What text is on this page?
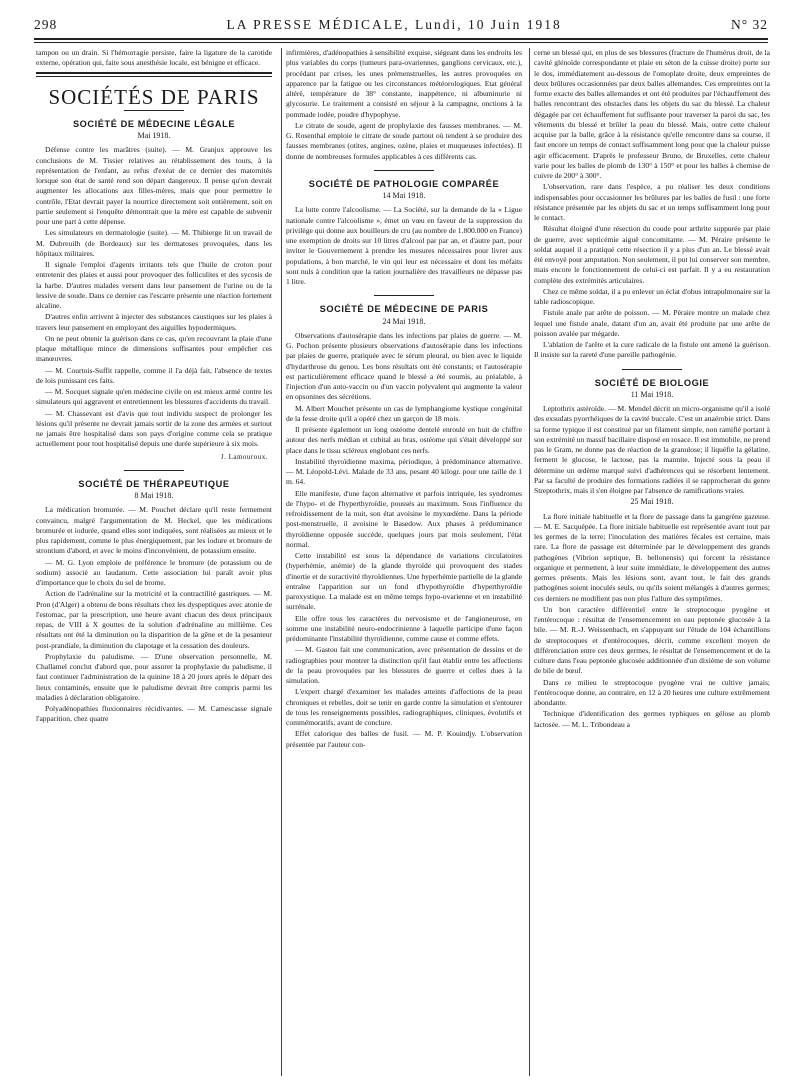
298	LA PRESSE MÉDICALE, Lundi, 10 Juin 1918	N° 32

tampon ou un drain. Si l'hémorragie persiste, faire la ligature de la carotide externe, opération qui, faite sous anesthésie locale, est bénigne et efficace.

SOCIÉTÉS DE PARIS
SOCIÉTÉ DE MÉDECINE LÉGALE
Mai 1918.

Défense contre les marâtres (suite). — M. Granjux approuve les conclusions de M. Tissier relatives au rétablissement des tours, à la représentation de l'enfant, au refus d'exéat de ce dernier des maternités lorsque son état de santé rend son départ dangereux. Il pense qu'on devrait augmenter les allocations aux filles-mères, mais que pour permettre le contrôle, l'Etat devrait payer la nourrice directement soit entièrement, soit en partie seulement si l'enquête démontrait que la mère est capable de subvenir pour une part à cette dépense.

Les simulateurs en dermatologie (suite). — M. Thibierge lit un travail de M. Dubreuilh (de Bordeaux) sur les dermatoses provoquées, dans les hôpitaux militaires.

Il signale l'emploi d'agents irritants tels que l'huile de croton pour entretenir des plaies et aussi pour provoquer des folliculites et des sycosis de la barbe. D'autres malades versent dans leur pansement de l'urine ou de la lessive de soude. Dans ce dernier cas l'escarre présente une réaction fortement alcaline.

D'autres enfin arrivent à injecter des substances caustiques sur les plaies à travers leur pansement en employant des aiguilles hypodermiques.

On ne peut obtenir la guérison dans ce cas, qu'en recouvrant la plaie d'une plaque métallique mince de dimensions suffisantes pour empêcher ces manœuvres.

— M. Courtois-Suffit rappelle, comme il l'a déjà fait, l'absence de textes de lois punissant ces faits.

— M. Socquet signale qu'en médecine civile on est mieux armé contre les simulateurs qui aggravent et entretiennent les blessures d'accidents du travail.

— M. Chassevant est d'avis que tout individu suspect de prolonger les lésions qu'il présente ne devrait jamais sortir de la zone des armées et surtout ne jamais être hospitalisé dans son pays d'origine comme cela se pratique actuellement pour tout hospitalisé depuis une durée supérieure à six mois.

J. Lamouroux.
SOCIÉTÉ DE THÉRAPEUTIQUE
8 Mai 1918.

La médication bromurée. — M. Pouchet déclare qu'il reste fermement convaincu, malgré l'argumentation de M. Heckel, que les médications bromurée et iodurée, quand elles sont indiquées, sont réalisées au mieux et le plus rapidement, comme le plus énergiquement, par les iodure et bromure de strontium d'abord, et avec le moins d'inconvénient, de potassium ensuite.

— M. G. Lyon emploie de préférence le bromure (de potassium ou de sodium) associé au laudanum. Cette association lui paraît avoir plus d'importance que le choix du sel de brome.

Action de l'adrénaline sur la motricité et la contractilité gastriques. — M. Pron (d'Alger) a obtenu de bons résultats chez les dyspeptiques avec atonie de l'estomac, par la prescription, une heure avant chacun des deux principaux repas, de VIII à X gouttes de la solution d'adrénaline au millième. Ces résultats ont été la diminution ou la disparition de la gêne et de la pesanteur post-prandiale, la diminution du clapotage et la cessation des douleurs.

Prophylaxie du paludisme. — D'une observation personnelle, M. Challamel conclut d'abord que, pour assurer la prophylaxie du paludisme, il faut continuer l'administration de la quinine 18 à 20 jours après le départ des lieux contaminés, ensuite que le paludisme devrait être compris parmi les maladies à déclaration obligatoire.

Polyadénopathies fluxionnaires récidivantes. — M. Camescasse signale l'apparition, chez quatre

infirmières, d'adénopathies à sensibilité exquise, siégeant dans les endroits les plus variables du corps (tumeurs para-ovariennes, ganglions cervicaux, etc.), procédant par crises, les unes prémenstruelles, les autres provoquées en apparence par la fatigue ou les circonstances météorologiques. Etat général altéré, température de 38° constante, inappétence, ni albuminurie ni glycosurie. Le traitement a consisté en séjour à la campagne, onctions à la pommade iodée, poudre d'hypophyse.

Le citrate de soude, agent de prophylaxie des fausses membranes. — M. G. Rosenthal emploie le citrate de soude partout où tendent à se produire des fausses membranes (otites, angines, ozène, plaies et muqueuses infectées). Il donne de nombreuses formules applicables à ces différents cas.

SOCIÉTÉ DE PATHOLOGIE COMPARÉE
14 Mai 1918.

La lutte contre l'alcoolisme. — La Société, sur la demande de la « Ligue nationale contre l'alcoolisme », émet un vœu en faveur de la suppression du privilège qui donne aux bouilleurs de cru (au nombre de 1.800.000 en France) une exemption de droits sur 10 litres d'alcool par par an, et d'autre part, pour inviter le Gouvernement à prendre les mesures nécessaires pour livrer aux populations, à bon marché, le vin qui leur est nécessaire et dont les méfaits sont nuls à condition que la ration journalière des travailleurs ne dépasse pas 1 litre.

SOCIÉTÉ DE MÉDECINE DE PARIS
24 Mai 1918.

Observations d'autosérapie dans les infections par plaies de guerre. — M. G. Pochon présente plusieurs observations d'autosérapie dans les infections par plaies de guerre, pratiquée avec le sérum pleural, ou bien avec le liquide d'hydarthrose du genou. Les bons résultats ont été constants; et l'autosérapie est particulièrement efficace quand le blessé a été soumis, au préalable, à l'injection d'un auto-vaccin ou d'un vaccin polyvalent qui augmente la valeur en opsonines des sécrétions.

M. Albert Mouchet présente un cas de lymphangiome kystique congénital de la fesse droite qu'il a opéré chez un garçon de 18 mois.

Il présente également un long ostéome dentelé enroulé en huit de chiffre autour des nerfs médian et cubital au bras, ostéome qui s'était développé sur place dans le tissu scléreux englobant ces nerfs.

Instabilité thyroïdienne maxima, périodique, à prédominance alternative. — M. Léopold-Lévi. Malade de 33 ans, pesant 40 kilogr. pour une taille de 1 m. 64.

Elle manifeste, d'une façon alternative et parfois intriquée, les syndromes de l'hypo- et de l'hyperthyroïdie, poussés au maximum. Sous l'influence du refroidissement de la nuit, son état avoisine le myxœdème. Dans la période post-menstruelle, il avoisine le Basedow. Aux phases à prédominance thyroïdienne opposée succède, quelques jours par mois seulement, l'état normal.

Cette instabilité est sous la dépendance de variations circulatoires (hyperhémie, anémie) de la glande thyroïde qui provoquent des stades d'inertie et de suractivité thyroïdiennes. Une hyperhémie partielle de la glande entraîne l'apparition sur un fond d'hypothyroïdie d'hyperthyroïdie paroxystique. La malade est en même temps hypo-ovarienne et en instabilité surrénale.

Elle offre tous les caractères du nervosisme et de l'angioneurose, en somme une instabilité neuro-endocrinienne à laquelle participe d'une façon prédominante l'instabilité thyroïdienne, comme cause et comme effets.

— M. Gastou fait une communication, avec présentation de dessins et de radiographies pour montrer la distinction qu'il faut établir entre les affections de la peau provoquées par les blessures de guerre et celles dues à la simulation.

L'expert chargé d'examiner les malades atteints d'affections de la peau chroniques et rebelles, doit se tenir en garde contre la simulation et s'entourer de tous les renseignements possibles, radiographiques, cliniques, évolutifs et commémoratifs, avant de conclure.

Effet calorique des balles de fusil. — M. P. Kouindjy. L'observation présentée par l'auteur con-

cerne un blessé qui, en plus de ses blessures (fracture de l'humérus droit, de la cavité glénoïde correspondante et plaie en séton de la cuisse droite) porte sur le dos, immédiatement au-dessous de l'omoplate droite, deux empreintes de deux brûlures occasionnées par deux balles allemandes. Ces empreintes ont la forme exacte des balles allemandes et ont été produites par l'échauffement des balles rencontrant des obstacles dans les objets du sac du blessé. La chaleur dégagée par cet échauffement fut suffisante pour traverser la paroi du sac, les vêtements du blessé et brûler la peau du blessé. Mais, outre cette chaleur acquise par la balle, grâce à la résistance qu'elle rencontre dans sa course, il faut encore un temps de contact suffisamment long pour que la chaleur puisse agir efficacement. D'après le professeur Bruno, de Bruxelles, cette chaleur varie pour les balles de plomb de 130° à 150° et pour les balles à chemise de cuivre de 200° à 300°.

L'observation, rare dans l'espèce, a pu réaliser les deux conditions indispensables pour occasionner les brûlures par les balles de fusil : une forte résistance présentée par les objets du sac et un temps suffisamment long pour le contact.

Résultat éloigné d'une résection du coude pour arthrite suppurée par plaie de guerre, avec septicémie aiguë concomitante. — M. Péraire présente le soldat auquel il a pratiqué cette résection il y a plus d'un an. Le blessé avait été envoyé pour amputation. Non seulement, il put lui conserver son membre, mais encore le fonctionnement de celui-ci est parfait. Il y a eu restauration complète des extrémités articulaires.

Chez ce même soldat, il a pu enlever un éclat d'obus intrapulmonaire sur la table radioscopique.

Fistule anale par arête de poisson. — M. Péraire montre un malade chez lequel une fistule anale, datant d'un an, avait été produite par une arête de poisson avalée par mégarde.

L'ablation de l'arête et la cure radicale de la fistule ont amené la guérison. Il insiste sur la rareté d'une pareille pathogénie.

SOCIÉTÉ DE BIOLOGIE
11 Mai 1918.

Leptothrix astéroïde. — M. Mendel décrit un micro-organisme qu'il a isolé des exsudats pyorrhéiques de la cavité buccale. C'est un anaérobie strict. Dans sa forme typique il est constitué par un filament simple, non ramifié portant à son extrémité un massif bacillaire disposé en rosace. Il est immobile, ne prend pas le Gram, ne donne pas de réaction de la granulose; il liquéfie la gélatine, ferment le glucose, le lactose, pas la mannite. Injecté sous la peau il détermine un œdème marqué suivi d'adhérences qui se résorbent lentement. Par sa faculté de produire des formations radiées il se rapprocherait du genre Streptothrix, mais il s'en éloigne par l'absence de ramifications vraies.

25 Mai 1918.

La flore initiale habituelle et la flore de passage dans la gangrène gazeuse. — M. E. Sacquépée. La flore initiale habituelle est représentée avant tout par les germes de la terre; l'inoculation des matières fécales est certaine, mais rare. La flore de passage est déterminée par le développement des grands pathogènes (Vibrion septique, B. bellonensis) qui forcent la résistance organique et permettent, à leur suite immédiate, le développement des autres germes présents. Mais les lésions sont, avant tout, le fait des grands pathogènes soient inoculés seuls, ou qu'ils soient mélangés à d'autres germes; ces derniers ne modifient pas non plus l'allure des symptômes.

Un bon caractère différentiel entre le streptocoque pyogène et l'entérocoque : résultat de l'ensemencement en eau peptonée glucosée à la bile. — M. R.-J. Weissenbach, en s'appuyant sur l'étude de 104 échantillons de streptocoques et d'entérocoques, décrit, comme excellent moyen de différenciation entre ces deux germes, le résultat de l'ensemencement et de la culture dans l'eau peptonée glucosée additionnée d'un dixième de son volume de bile de bœuf.

Dans ce milieu le streptocoque pyogène vrai ne cultive jamais; l'entérocoque donne, au contraire, en 12 à 20 heures une culture extrêmement abondante.

Technique d'identification des germes typhiques en gélose au plomb lactosée. — M. L. Tribondeau a
